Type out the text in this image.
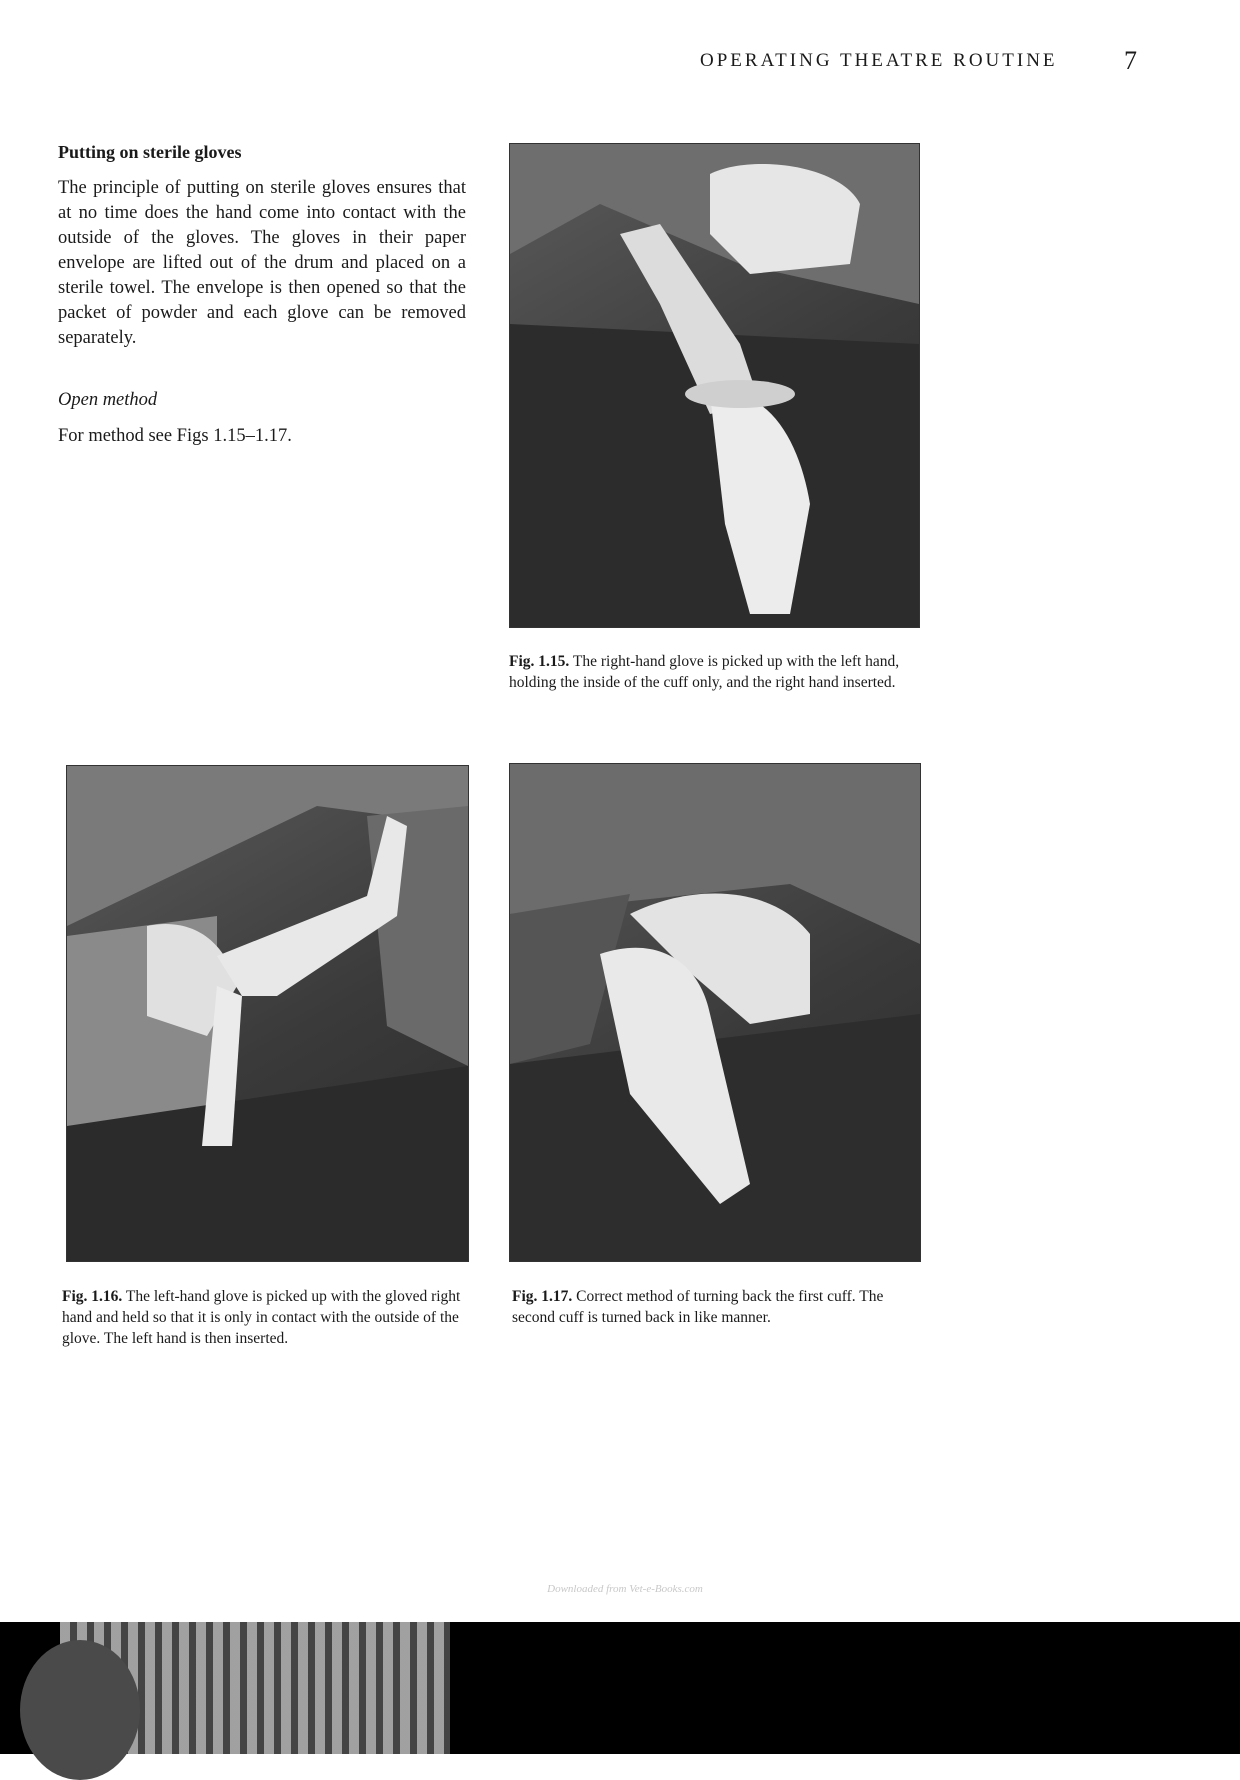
OPERATING THEATRE ROUTINE	7
Putting on sterile gloves
The principle of putting on sterile gloves ensures that at no time does the hand come into contact with the outside of the gloves. The gloves in their paper envelope are lifted out of the drum and placed on a sterile towel. The envelope is then opened so that the packet of powder and each glove can be removed separately.
Open method
For method see Figs 1.15–1.17.
Fig. 1.15. The right-hand glove is picked up with the left hand, holding the inside of the cuff only, and the right hand inserted.
Fig. 1.16. The left-hand glove is picked up with the gloved right hand and held so that it is only in contact with the outside of the glove. The left hand is then inserted.
Fig. 1.17. Correct method of turning back the first cuff. The second cuff is turned back in like manner.
Downloaded from Vet-e-Books.com
